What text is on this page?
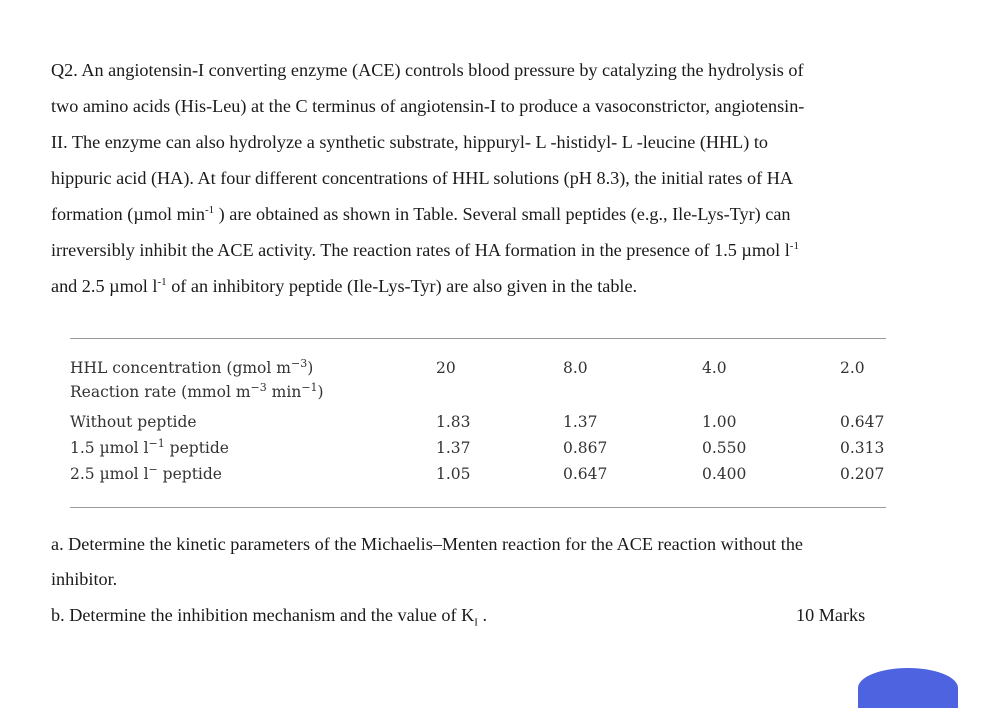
Q2. An angiotensin-I converting enzyme (ACE) controls blood pressure by catalyzing the hydrolysis of

two amino acids (His-Leu) at the C terminus of angiotensin-I to produce a vasoconstrictor, angiotensin-

II. The enzyme can also hydrolyze a synthetic substrate, hippuryl- L -histidyl- L -leucine (HHL) to

hippuric acid (HA). At four different concentrations of HHL solutions (pH 8.3), the initial rates of HA

formation (µmol $\min^{-1}$ ) are obtained as shown in Table. Several small peptides (e.g., Ile-Lys-Tyr) can

irreversibly inhibit the ACE activity. The reaction rates of HA formation in the presence of 1.5 µmol $l^{-1}$

and 2.5 µmol $l^{-1}$ of an inhibitory peptide (Ile-Lys-Tyr) are also given in the table.

HHL concentration (gmol $m^{-3}$)	20	8.0	4.0	2.0
Reaction rate (mmol $m^{-3}$ $\min^{-1}$)
Without peptide	1.83	1.37	1.00	0.647
1.5 µmol $l^{-1}$ peptide	1.37	0.867	0.550	0.313
2.5 µmol l− peptide	1.05	0.647	0.400	0.207
a. Determine the kinetic parameters of the Michaelis–Menten reaction for the ACE reaction without the
inhibitor.
b. Determine the inhibition mechanism and the value of $K_I$ .	10 Marks
